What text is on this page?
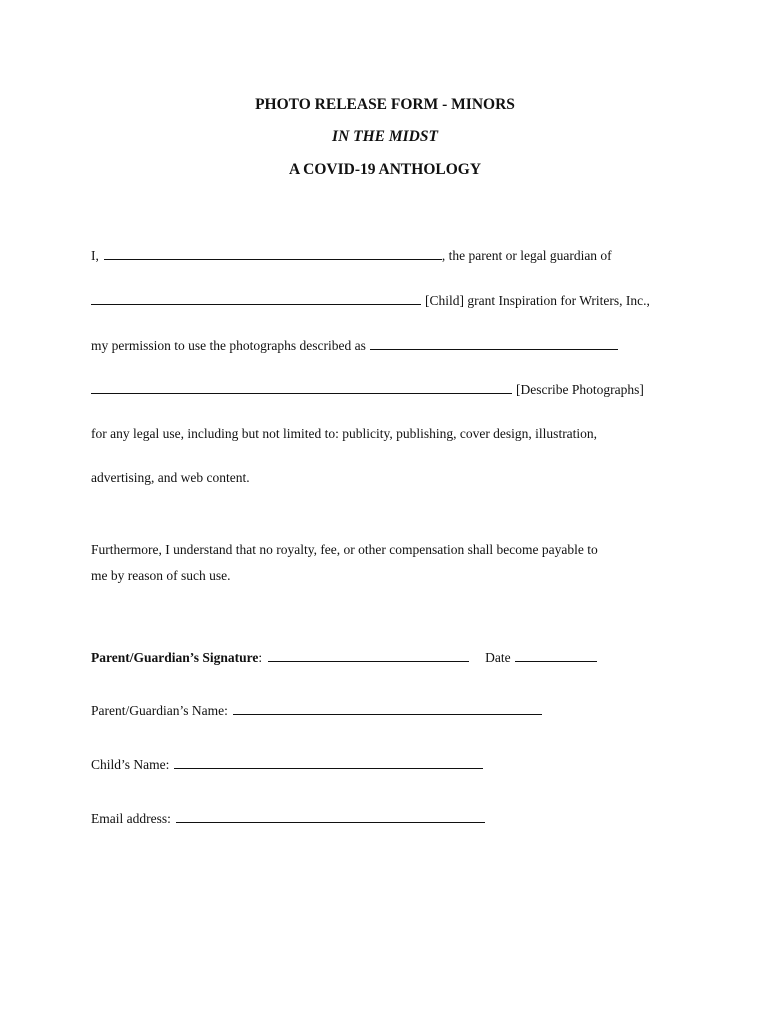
PHOTO RELEASE FORM - MINORS
IN THE MIDST
A COVID-19 ANTHOLOGY
I,	, the parent or legal guardian of
[Child] grant Inspiration for Writers, Inc.,
my permission to use the photographs described as
[Describe Photographs]
for any legal use, including but not limited to: publicity, publishing, cover design, illustration,
advertising, and web content.
Furthermore, I understand that no royalty, fee, or other compensation shall become payable to
me by reason of such use.
Parent/Guardian’s Signature:	Date
Parent/Guardian’s Name:
Child’s Name:
Email address:
